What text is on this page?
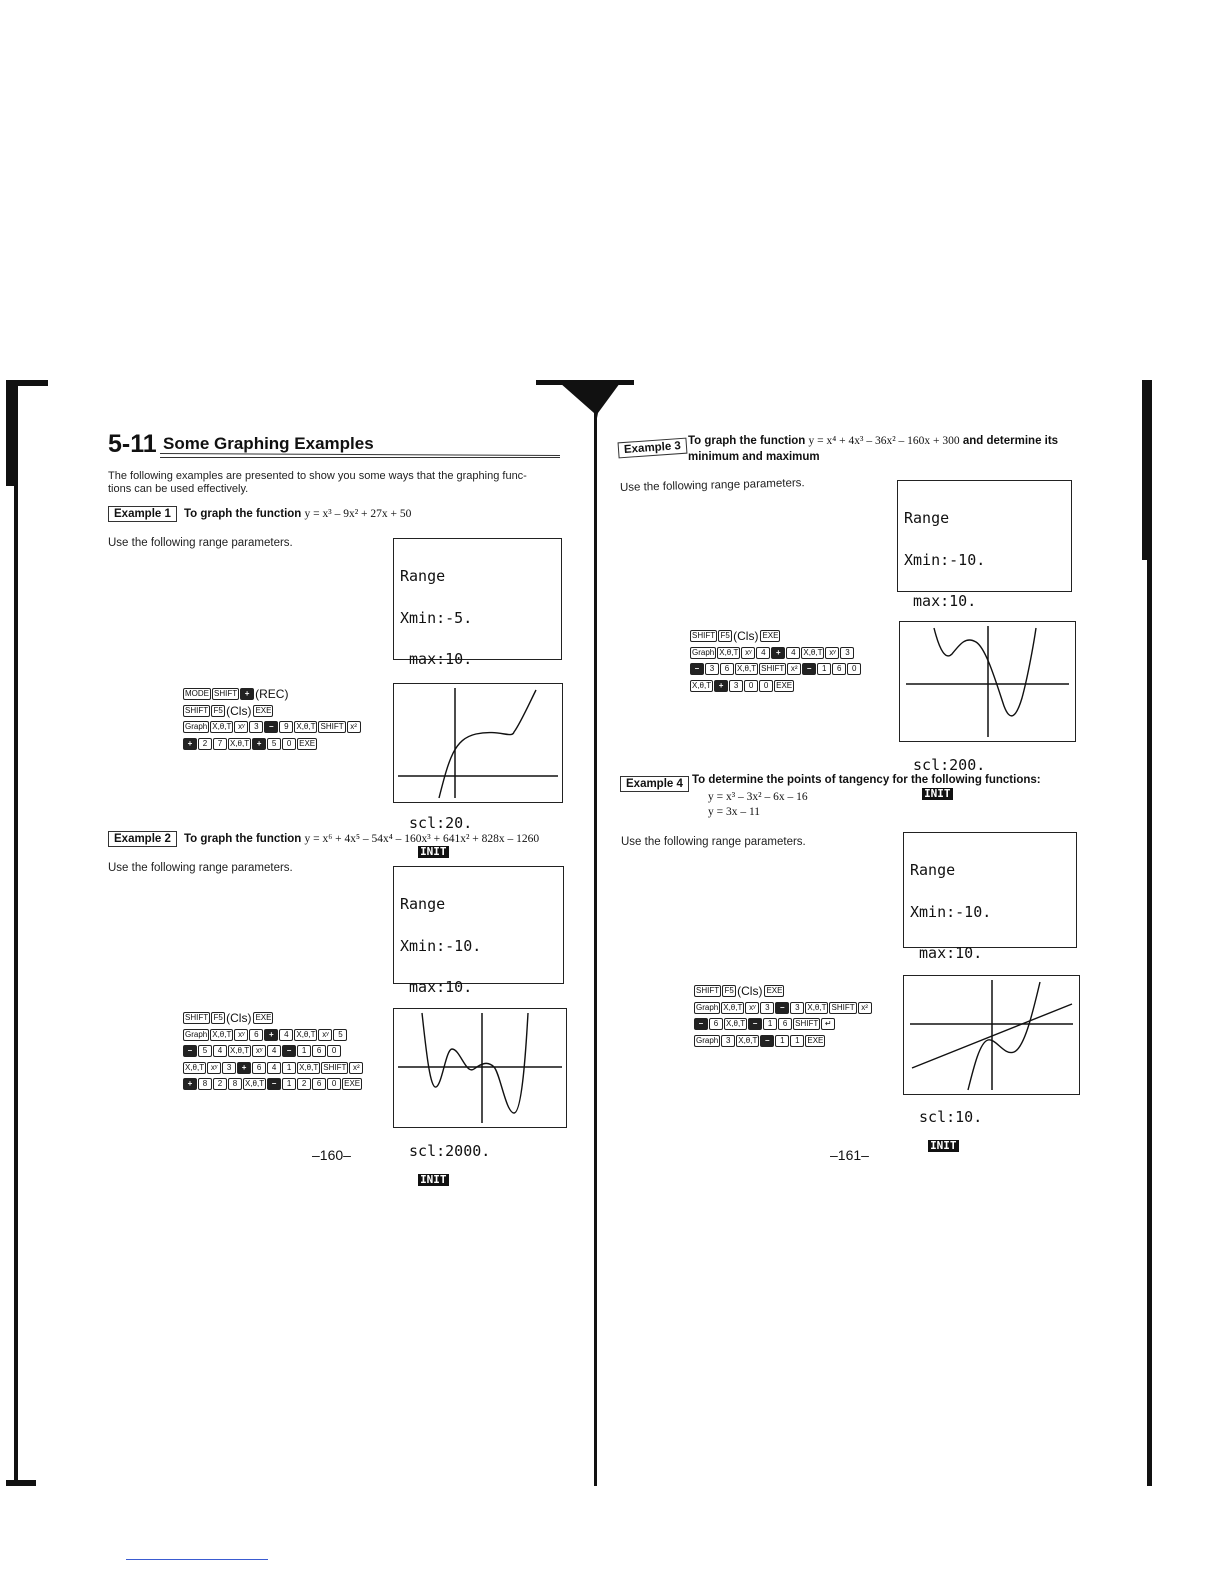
5-11 Some Graphing Examples
The following examples are presented to show you some ways that the graphing func-
tions can be used effectively.
Example 1	To graph the function y = x³ – 9x² + 27x + 50
Use the following range parameters.

Range

Xmin:-5.

max:10.

scl:20.

INIT

MODE SHIFT + (REC)
SHIFT F5 (Cls) EXE
Graph X,θ,T xʸ 3 – 9 X,θ,T SHIFT x²
+ 2 7 X,θ,T + 5 0 EXE
Example 2	To graph the function y = x⁶ + 4x⁵ – 54x⁴ – 160x³ + 641x² + 828x – 1260
Use the following range parameters.

Range

Xmin:-10.

max:10.

scl:2000.

INIT

SHIFT F5 (Cls) EXE
Graph X,θ,T xʸ 6 + 4 X,θ,T xʸ 5
– 5 4 X,θ,T xʸ 4 – 1 6 0
X,θ,T xʸ 3 + 6 4 1 X,θ,T SHIFT x²
+ 8 2 8 X,θ,T – 1 2 6 0 EXE
–160–
Example 3 To graph the function y = x⁴ + 4x³ – 36x² – 160x + 300 and determine its
minimum and maximum
Use the following range parameters.

Range

Xmin:-10.

max:10.

scl:200.

INIT

SHIFT F5 (Cls) EXE
Graph X,θ,T xʸ 4 + 4 X,θ,T xʸ 3
– 3 6 X,θ,T SHIFT x² – 1 6 0
X,θ,T + 3 0 0 EXE
Example 4 To determine the points of tangency for the following functions:
y = x³ – 3x² – 6x – 16
y = 3x – 11
Use the following range parameters.

Range

Xmin:-10.

max:10.

scl:10.

INIT

SHIFT F5 (Cls) EXE
Graph X,θ,T xʸ 3 – 3 X,θ,T SHIFT x²
– 6 X,θ,T – 1 6 SHIFT ↵
Graph 3 X,θ,T – 1 1 EXE
–161–
